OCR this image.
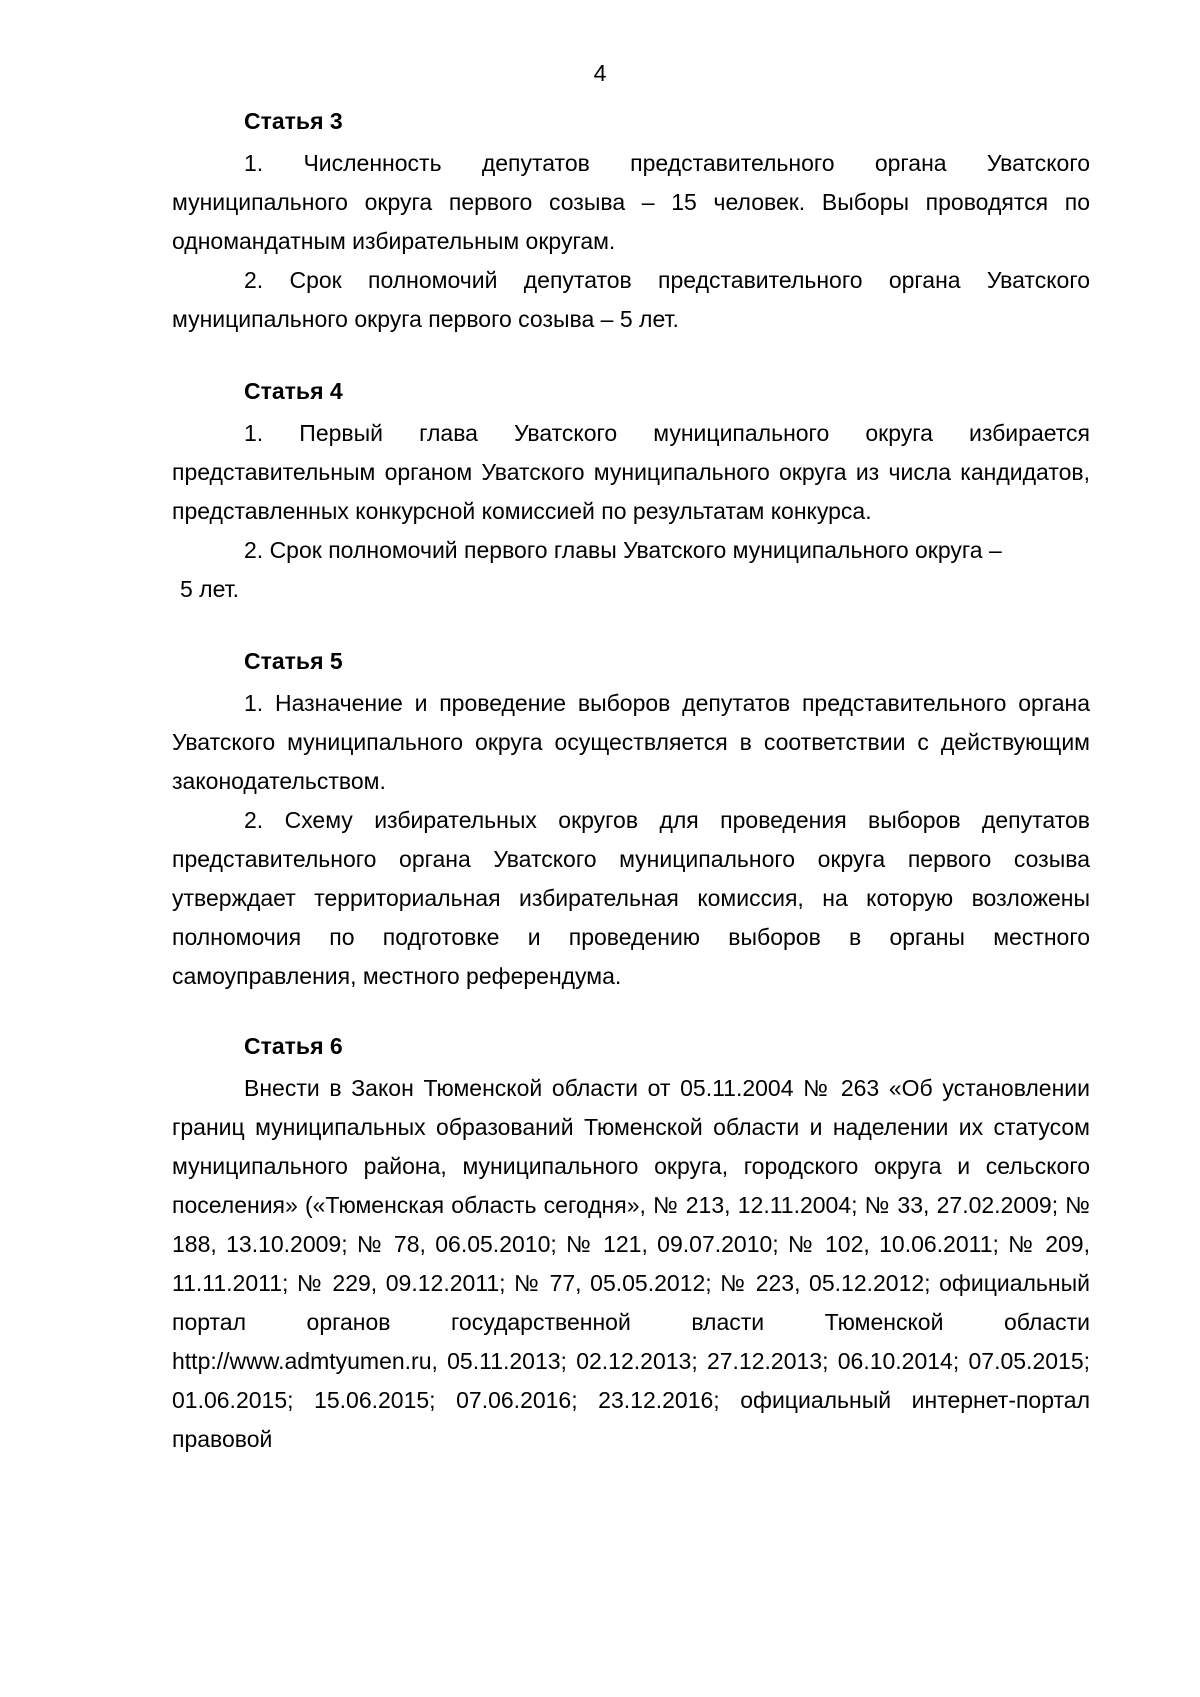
4
Статья 3

1. Численность депутатов представительного органа Уватского муниципального округа первого созыва – 15 человек. Выборы проводятся по одномандатным избирательным округам.

2. Срок полномочий депутатов представительного органа Уватского муниципального округа первого созыва – 5 лет.

Статья 4

1. Первый глава Уватского муниципального округа избирается представительным органом Уватского муниципального округа из числа кандидатов, представленных конкурсной комиссией по результатам конкурса.

2. Срок полномочий первого главы Уватского муниципального округа –

5 лет.

Статья 5

1. Назначение и проведение выборов депутатов представительного органа Уватского муниципального округа осуществляется в соответствии с действующим законодательством.

2. Схему избирательных округов для проведения выборов депутатов представительного органа Уватского муниципального округа первого созыва утверждает территориальная избирательная комиссия, на которую возложены полномочия по подготовке и проведению выборов в органы местного самоуправления, местного референдума.

Статья 6

Внести в Закон Тюменской области от 05.11.2004 № 263 «Об установлении границ муниципальных образований Тюменской области и наделении их статусом муниципального района, муниципального округа, городского округа и сельского поселения» («Тюменская область сегодня», № 213, 12.11.2004; № 33, 27.02.2009; № 188, 13.10.2009; № 78, 06.05.2010; № 121, 09.07.2010; № 102, 10.06.2011; № 209, 11.11.2011; № 229, 09.12.2011; № 77, 05.05.2012; № 223, 05.12.2012; официальный портал органов государственной власти Тюменской области http://www.admtyumen.ru, 05.11.2013; 02.12.2013; 27.12.2013; 06.10.2014; 07.05.2015; 01.06.2015; 15.06.2015; 07.06.2016; 23.12.2016; официальный интернет-портал правовой
